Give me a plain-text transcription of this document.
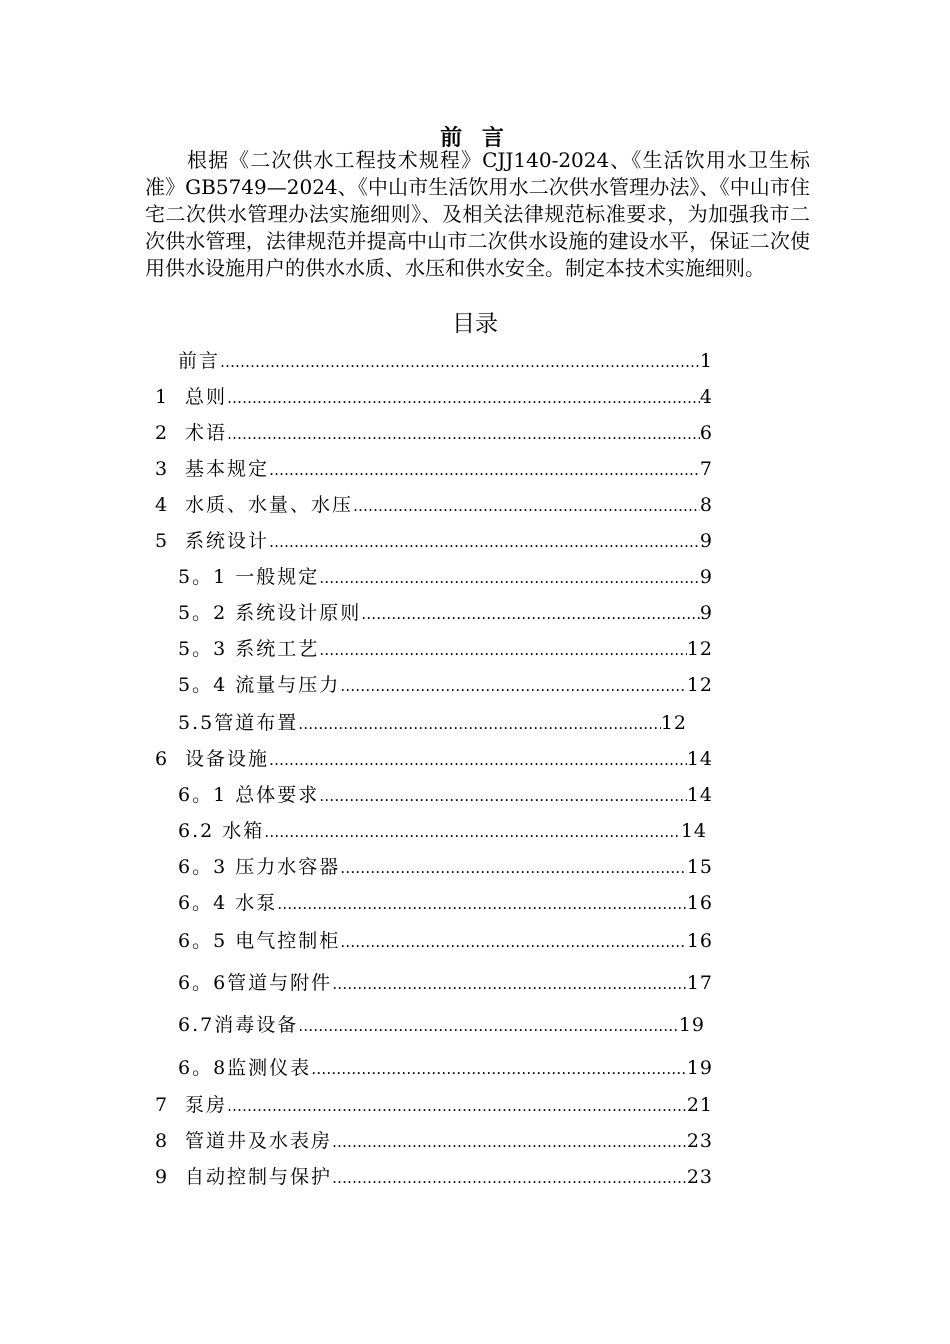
前 言

根据《二次供水工程技术规程》CJJ140-2024、《生活饮用水卫生标准》GB5749—2024、《中山市生活饮用水二次供水管理办法》、《中山市住宅二次供水管理办法实施细则》、及相关法律规范标准要求，为加强我市二次供水管理，法律规范并提高中山市二次供水设施的建设水平，保证二次使用供水设施用户的供水水质、水压和供水安全。制定本技术实施细则。

目录
前言 ……………………………………………………………………………………………………………………………………………………………………………………………………	1
1 总则 ……………………………………………………………………………………………………………………………………………………………………………………………………	4
2 术语 ……………………………………………………………………………………………………………………………………………………………………………………………………	6
3 基本规定 ……………………………………………………………………………………………………………………………………………………………………………………………………	7
4 水质、水量、水压 ……………………………………………………………………………………………………………………………………………………………………………………………………	8
5 系统设计 ……………………………………………………………………………………………………………………………………………………………………………………………………	9
5。1 一般规定 ……………………………………………………………………………………………………………………………………………………………………………………………………	9
5。2 系统设计原则 ……………………………………………………………………………………………………………………………………………………………………………………………………	9
5。3 系统工艺 ……………………………………………………………………………………………………………………………………………………………………………………………………	12
5。4 流量与压力 ……………………………………………………………………………………………………………………………………………………………………………………………………	12
5.5管道布置 ……………………………………………………………………………………………………………………………………………………………………………………………………	12
6 设备设施 ……………………………………………………………………………………………………………………………………………………………………………………………………	14
6。1 总体要求 ……………………………………………………………………………………………………………………………………………………………………………………………………	14
6.2 水箱 ……………………………………………………………………………………………………………………………………………………………………………………………………	14
6。3 压力水容器 ……………………………………………………………………………………………………………………………………………………………………………………………………	15
6。4 水泵 ……………………………………………………………………………………………………………………………………………………………………………………………………	16
6。5 电气控制柜 ……………………………………………………………………………………………………………………………………………………………………………………………………	16
6。6管道与附件 ……………………………………………………………………………………………………………………………………………………………………………………………………	17
6.7消毒设备 ……………………………………………………………………………………………………………………………………………………………………………………………………	19
6。8监测仪表 ……………………………………………………………………………………………………………………………………………………………………………………………………	19
7 泵房 ……………………………………………………………………………………………………………………………………………………………………………………………………	21
8 管道井及水表房 ……………………………………………………………………………………………………………………………………………………………………………………………………	23
9 自动控制与保护 ……………………………………………………………………………………………………………………………………………………………………………………………………	23
